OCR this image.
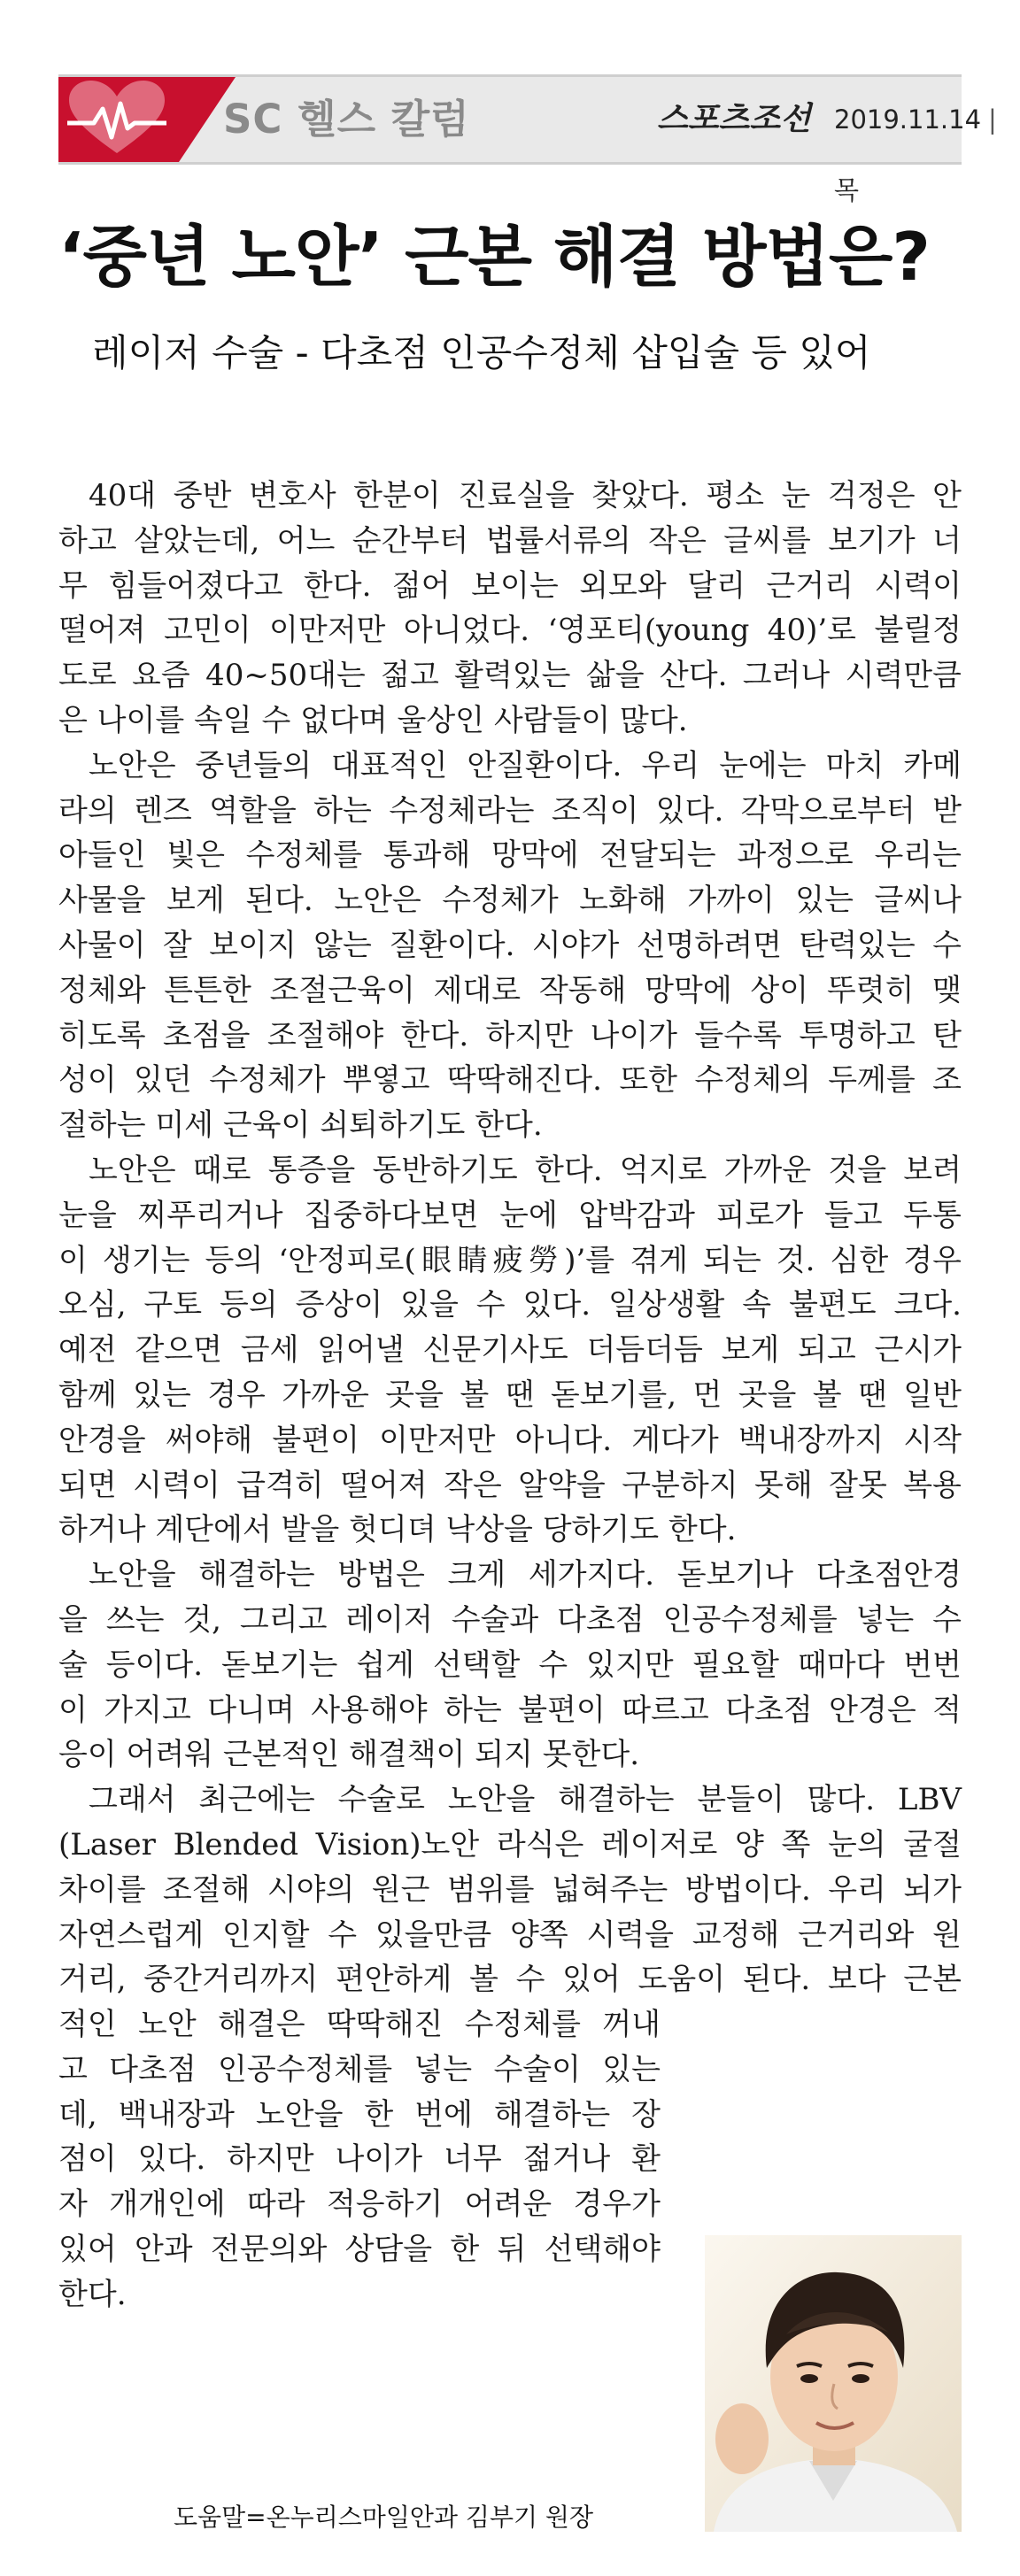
SC 헬스 칼럼	스포츠조선 2019.11.14 |목
‘중년 노안’ 근본 해결 방법은?
레이저 수술 - 다초점 인공수정체 삽입술 등 있어
40대 중반 변호사 한분이 진료실을 찾았다. 평소 눈 걱정은 안
하고 살았는데, 어느 순간부터 법률서류의 작은 글씨를 보기가 너
무 힘들어졌다고 한다. 젊어 보이는 외모와 달리 근거리 시력이
떨어져 고민이 이만저만 아니었다. ‘영포티(young 40)’로 불릴정
도로 요즘 40~50대는 젊고 활력있는 삶을 산다. 그러나 시력만큼
은 나이를 속일 수 없다며 울상인 사람들이 많다.
노안은 중년들의 대표적인 안질환이다. 우리 눈에는 마치 카메
라의 렌즈 역할을 하는 수정체라는 조직이 있다. 각막으로부터 받
아들인 빛은 수정체를 통과해 망막에 전달되는 과정으로 우리는
사물을 보게 된다. 노안은 수정체가 노화해 가까이 있는 글씨나
사물이 잘 보이지 않는 질환이다. 시야가 선명하려면 탄력있는 수
정체와 튼튼한 조절근육이 제대로 작동해 망막에 상이 뚜렷히 맺
히도록 초점을 조절해야 한다. 하지만 나이가 들수록 투명하고 탄
성이 있던 수정체가 뿌옇고 딱딱해진다. 또한 수정체의 두께를 조
절하는 미세 근육이 쇠퇴하기도 한다.
노안은 때로 통증을 동반하기도 한다. 억지로 가까운 것을 보려
눈을 찌푸리거나 집중하다보면 눈에 압박감과 피로가 들고 두통
이 생기는 등의 ‘안정피로(眼睛疲勞)’를 겪게 되는 것. 심한 경우
오심, 구토 등의 증상이 있을 수 있다. 일상생활 속 불편도 크다.
예전 같으면 금세 읽어낼 신문기사도 더듬더듬 보게 되고 근시가
함께 있는 경우 가까운 곳을 볼 땐 돋보기를, 먼 곳을 볼 땐 일반
안경을 써야해 불편이 이만저만 아니다. 게다가 백내장까지 시작
되면 시력이 급격히 떨어져 작은 알약을 구분하지 못해 잘못 복용
하거나 계단에서 발을 헛디뎌 낙상을 당하기도 한다.
노안을 해결하는 방법은 크게 세가지다. 돋보기나 다초점안경
을 쓰는 것, 그리고 레이저 수술과 다초점 인공수정체를 넣는 수
술 등이다. 돋보기는 쉽게 선택할 수 있지만 필요할 때마다 번번
이 가지고 다니며 사용해야 하는 불편이 따르고 다초점 안경은 적
응이 어려워 근본적인 해결책이 되지 못한다.
그래서 최근에는 수술로 노안을 해결하는 분들이 많다. LBV
(Laser Blended Vision)노안 라식은 레이저로 양 쪽 눈의 굴절
차이를 조절해 시야의 원근 범위를 넓혀주는 방법이다. 우리 뇌가
자연스럽게 인지할 수 있을만큼 양쪽 시력을 교정해 근거리와 원
거리, 중간거리까지 편안하게 볼 수 있어 도움이 된다. 보다 근본
적인 노안 해결은 딱딱해진 수정체를 꺼내
고 다초점 인공수정체를 넣는 수술이 있는
데, 백내장과 노안을 한 번에 해결하는 장
점이 있다. 하지만 나이가 너무 젊거나 환
자 개개인에 따라 적응하기 어려운 경우가
있어 안과 전문의와 상담을 한 뒤 선택해야
한다.
도움말=온누리스마일안과 김부기 원장
